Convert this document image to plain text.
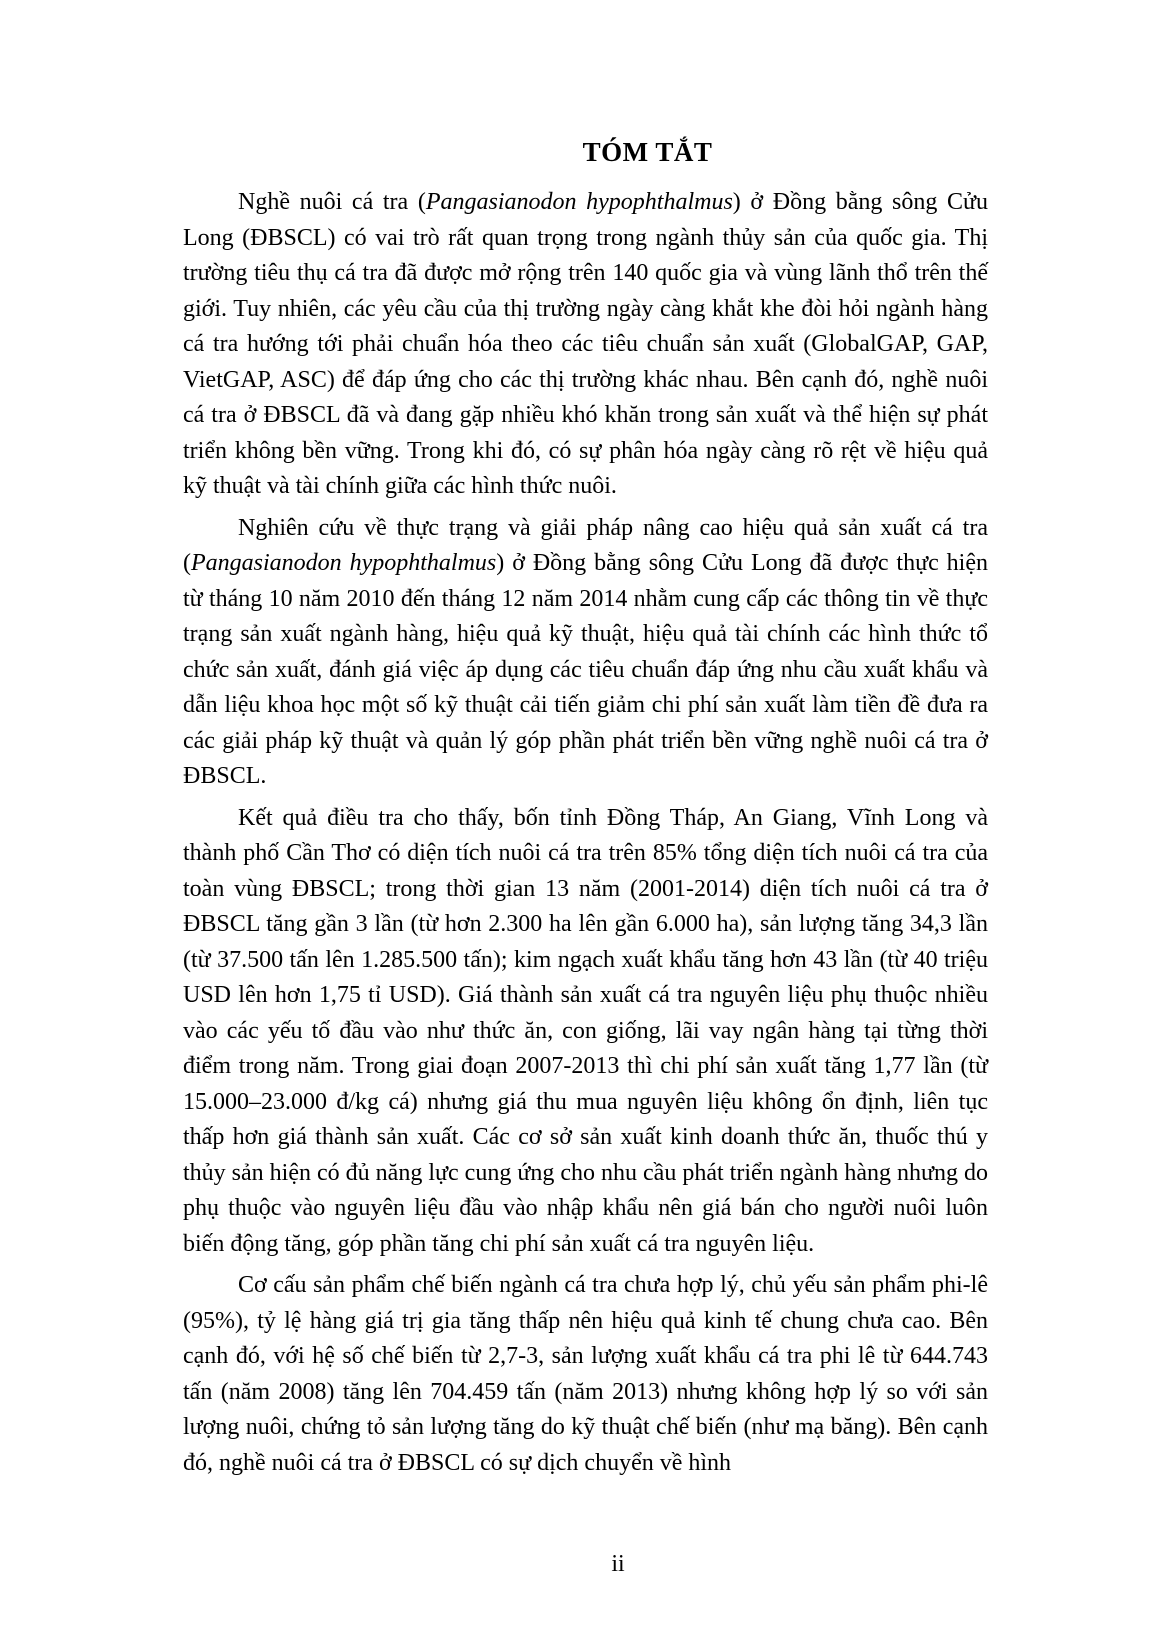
TÓM TẮT

Nghề nuôi cá tra (Pangasianodon hypophthalmus) ở Đồng bằng sông Cửu Long (ĐBSCL) có vai trò rất quan trọng trong ngành thủy sản của quốc gia. Thị trường tiêu thụ cá tra đã được mở rộng trên 140 quốc gia và vùng lãnh thổ trên thế giới. Tuy nhiên, các yêu cầu của thị trường ngày càng khắt khe đòi hỏi ngành hàng cá tra hướng tới phải chuẩn hóa theo các tiêu chuẩn sản xuất (GlobalGAP, GAP, VietGAP, ASC) để đáp ứng cho các thị trường khác nhau. Bên cạnh đó, nghề nuôi cá tra ở ĐBSCL đã và đang gặp nhiều khó khăn trong sản xuất và thể hiện sự phát triển không bền vững. Trong khi đó, có sự phân hóa ngày càng rõ rệt về hiệu quả kỹ thuật và tài chính giữa các hình thức nuôi.

Nghiên cứu về thực trạng và giải pháp nâng cao hiệu quả sản xuất cá tra (Pangasianodon hypophthalmus) ở Đồng bằng sông Cửu Long đã được thực hiện từ tháng 10 năm 2010 đến tháng 12 năm 2014 nhằm cung cấp các thông tin về thực trạng sản xuất ngành hàng, hiệu quả kỹ thuật, hiệu quả tài chính các hình thức tổ chức sản xuất, đánh giá việc áp dụng các tiêu chuẩn đáp ứng nhu cầu xuất khẩu và dẫn liệu khoa học một số kỹ thuật cải tiến giảm chi phí sản xuất làm tiền đề đưa ra các giải pháp kỹ thuật và quản lý góp phần phát triển bền vững nghề nuôi cá tra ở ĐBSCL.

Kết quả điều tra cho thấy, bốn tỉnh Đồng Tháp, An Giang, Vĩnh Long và thành phố Cần Thơ có diện tích nuôi cá tra trên 85% tổng diện tích nuôi cá tra của toàn vùng ĐBSCL; trong thời gian 13 năm (2001-2014) diện tích nuôi cá tra ở ĐBSCL tăng gần 3 lần (từ hơn 2.300 ha lên gần 6.000 ha), sản lượng tăng 34,3 lần (từ 37.500 tấn lên 1.285.500 tấn); kim ngạch xuất khẩu tăng hơn 43 lần (từ 40 triệu USD lên hơn 1,75 tỉ USD). Giá thành sản xuất cá tra nguyên liệu phụ thuộc nhiều vào các yếu tố đầu vào như thức ăn, con giống, lãi vay ngân hàng tại từng thời điểm trong năm. Trong giai đoạn 2007-2013 thì chi phí sản xuất tăng 1,77 lần (từ 15.000–23.000 đ/kg cá) nhưng giá thu mua nguyên liệu không ổn định, liên tục thấp hơn giá thành sản xuất. Các cơ sở sản xuất kinh doanh thức ăn, thuốc thú y thủy sản hiện có đủ năng lực cung ứng cho nhu cầu phát triển ngành hàng nhưng do phụ thuộc vào nguyên liệu đầu vào nhập khẩu nên giá bán cho người nuôi luôn biến động tăng, góp phần tăng chi phí sản xuất cá tra nguyên liệu.

Cơ cấu sản phẩm chế biến ngành cá tra chưa hợp lý, chủ yếu sản phẩm phi-lê (95%), tỷ lệ hàng giá trị gia tăng thấp nên hiệu quả kinh tế chung chưa cao. Bên cạnh đó, với hệ số chế biến từ 2,7-3, sản lượng xuất khẩu cá tra phi lê từ 644.743 tấn (năm 2008) tăng lên 704.459 tấn (năm 2013) nhưng không hợp lý so với sản lượng nuôi, chứng tỏ sản lượng tăng do kỹ thuật chế biến (như mạ băng). Bên cạnh đó, nghề nuôi cá tra ở ĐBSCL có sự dịch chuyển về hình

ii
